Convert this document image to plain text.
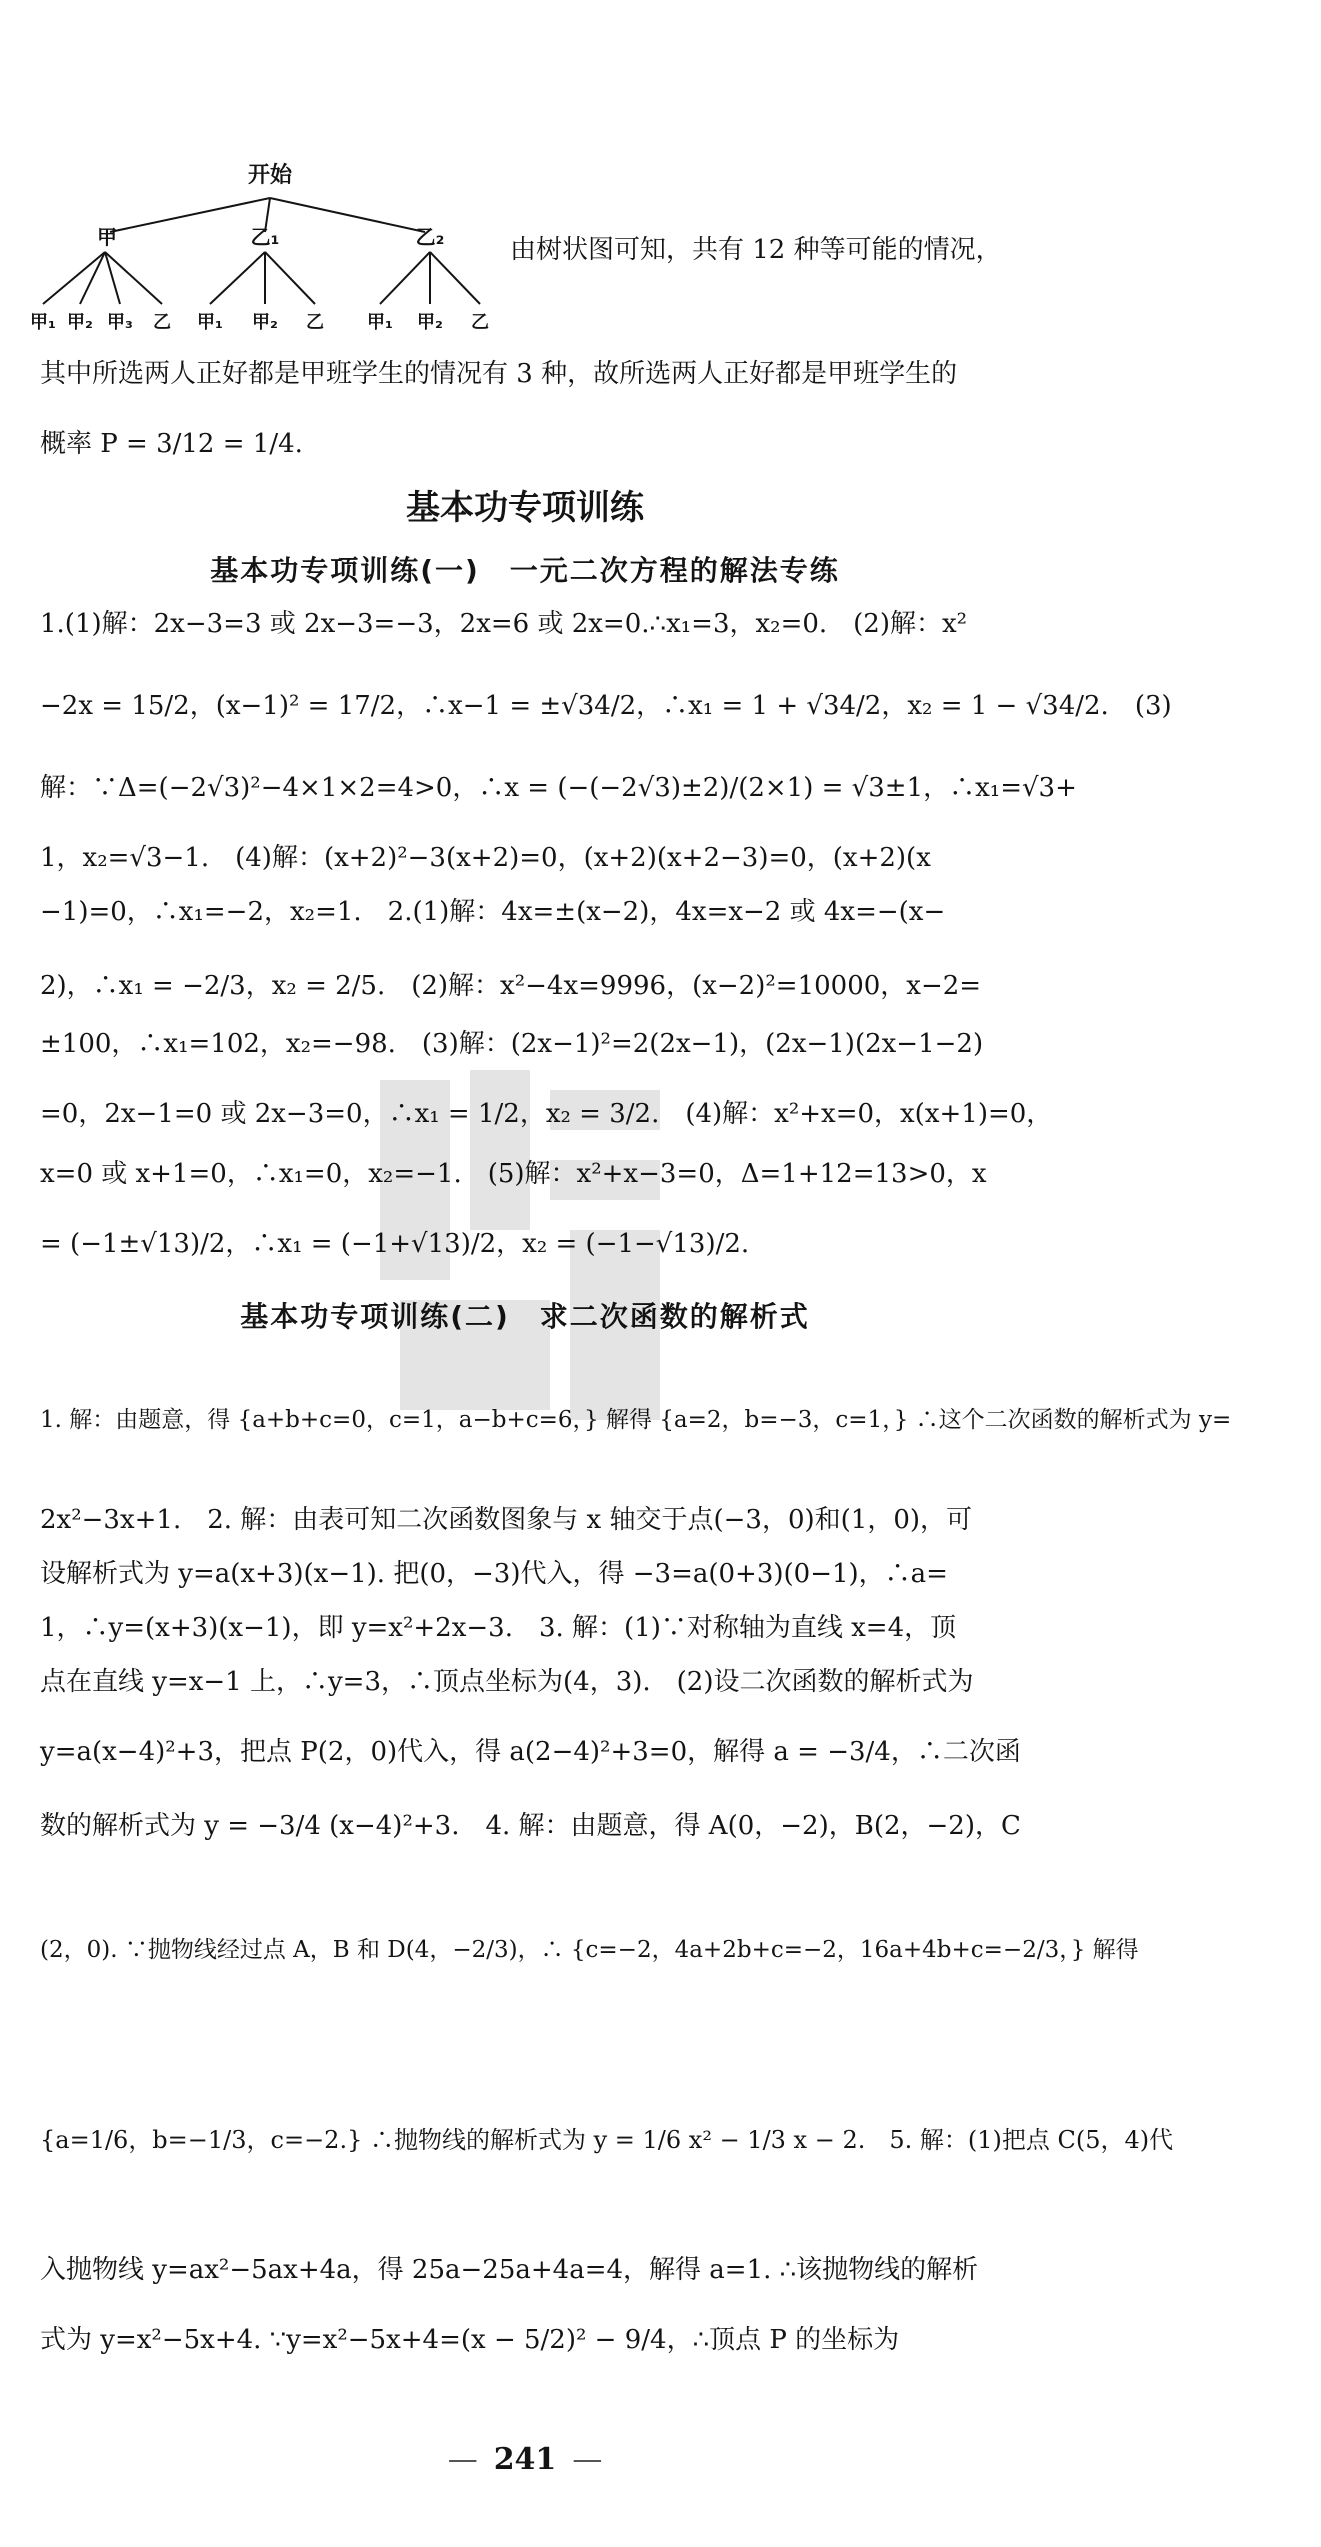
开始
甲	乙₁	乙₂
甲₁ 甲₂ 甲₃ 乙 甲₁ 甲₂ 乙 甲₁ 甲₂ 乙
由树状图可知，共有 12 种等可能的情况，
其中所选两人正好都是甲班学生的情况有 3 种，故所选两人正好都是甲班学生的
概率 P = 3/12 = 1/4.
基本功专项训练
基本功专项训练(一)　一元二次方程的解法专练
1.(1)解：2x−3=3 或 2x−3=−3，2x=6 或 2x=0.∴x₁=3，x₂=0.　(2)解：x²
−2x = 15/2，(x−1)² = 17/2，∴x−1 = ±√34/2，∴x₁ = 1 + √34/2，x₂ = 1 − √34/2.　(3)
解：∵Δ=(−2√3)²−4×1×2=4>0，∴x = (−(−2√3)±2)/(2×1) = √3±1，∴x₁=√3+
1，x₂=√3−1.　(4)解：(x+2)²−3(x+2)=0，(x+2)(x+2−3)=0，(x+2)(x
−1)=0，∴x₁=−2，x₂=1.　2.(1)解：4x=±(x−2)，4x=x−2 或 4x=−(x−
2)，∴x₁ = −2/3，x₂ = 2/5.　(2)解：x²−4x=9996，(x−2)²=10000，x−2=
±100，∴x₁=102，x₂=−98.　(3)解：(2x−1)²=2(2x−1)，(2x−1)(2x−1−2)
=0，2x−1=0 或 2x−3=0，∴x₁ = 1/2，x₂ = 3/2.　(4)解：x²+x=0，x(x+1)=0，
x=0 或 x+1=0，∴x₁=0，x₂=−1.　(5)解：x²+x−3=0，Δ=1+12=13>0，x
= (−1±√13)/2，∴x₁ = (−1+√13)/2，x₂ = (−1−√13)/2.
基本功专项训练(二)　求二次函数的解析式
1. 解：由题意，得 {a+b+c=0，c=1，a−b+c=6，} 解得 {a=2，b=−3，c=1，} ∴这个二次函数的解析式为 y=
2x²−3x+1.　2. 解：由表可知二次函数图象与 x 轴交于点(−3，0)和(1，0)，可
设解析式为 y=a(x+3)(x−1). 把(0，−3)代入，得 −3=a(0+3)(0−1)，∴a=
1，∴y=(x+3)(x−1)，即 y=x²+2x−3.　3. 解：(1)∵对称轴为直线 x=4，顶
点在直线 y=x−1 上，∴y=3，∴顶点坐标为(4，3).　(2)设二次函数的解析式为
y=a(x−4)²+3，把点 P(2，0)代入，得 a(2−4)²+3=0，解得 a = −3/4，∴二次函
数的解析式为 y = −3/4 (x−4)²+3.　4. 解：由题意，得 A(0，−2)，B(2，−2)，C
(2，0). ∵抛物线经过点 A，B 和 D(4，−2/3)，∴ {c=−2，4a+2b+c=−2，16a+4b+c=−2/3，} 解得
{a=1/6，b=−1/3，c=−2.} ∴抛物线的解析式为 y = 1/6 x² − 1/3 x − 2.　5. 解：(1)把点 C(5，4)代
入抛物线 y=ax²−5ax+4a，得 25a−25a+4a=4，解得 a=1. ∴该抛物线的解析
式为 y=x²−5x+4. ∵y=x²−5x+4=(x − 5/2)² − 9/4，∴顶点 P 的坐标为
— 241 —
